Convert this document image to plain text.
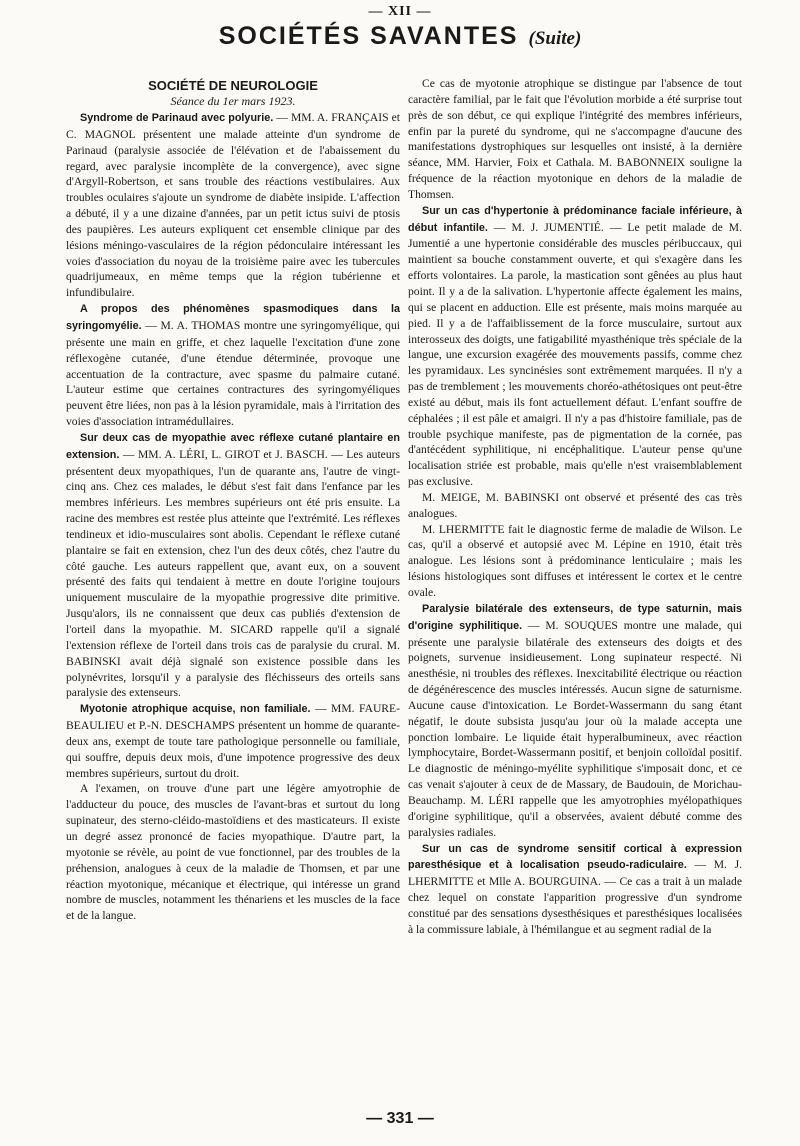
— XII —
SOCIÉTÉS SAVANTES (Suite)
SOCIÉTÉ DE NEUROLOGIE
Séance du 1er mars 1923.

Syndrome de Parinaud avec polyurie. — MM. A. FRANÇAIS et C. MAGNOL présentent une malade atteinte d'un syndrome de Parinaud (paralysie associée de l'élévation et de l'abaissement du regard, avec paralysie incomplète de la convergence), avec signe d'Argyll-Robertson, et sans trouble des réactions vestibulaires. Aux troubles oculaires s'ajoute un syndrome de diabète insipide. L'affection a débuté, il y a une dizaine d'années, par un petit ictus suivi de ptosis des paupières. Les auteurs expliquent cet ensemble clinique par des lésions méningo-vasculaires de la région pédonculaire intéressant les voies d'association du noyau de la troisième paire avec les tubercules quadrijumeaux, en même temps que la région tubérienne et infundibulaire.

A propos des phénomènes spasmodiques dans la syringomyélie. — M. A. THOMAS montre une syringomyélique, qui présente une main en griffe, et chez laquelle l'excitation d'une zone réflexogène cutanée, d'une étendue déterminée, provoque une accentuation de la contracture, avec spasme du palmaire cutané. L'auteur estime que certaines contractures des syringomyéliques peuvent être liées, non pas à la lésion pyramidale, mais à l'irritation des voies d'association intramédullaires.

Sur deux cas de myopathie avec réflexe cutané plantaire en extension. — MM. A. LÉRI, L. GIROT et J. BASCH. — Les auteurs présentent deux myopathiques, l'un de quarante ans, l'autre de vingt-cinq ans. Chez ces malades, le début s'est fait dans l'enfance par les membres inférieurs. Les membres supérieurs ont été pris ensuite. La racine des membres est restée plus atteinte que l'extrémité. Les réflexes tendineux et idio-musculaires sont abolis. Cependant le réflexe cutané plantaire se fait en extension, chez l'un des deux côtés, chez l'autre du côté gauche. Les auteurs rappellent que, avant eux, on a souvent présenté des faits qui tendaient à mettre en doute l'origine toujours uniquement musculaire de la myopathie progressive dite primitive. Jusqu'alors, ils ne connaissent que deux cas publiés d'extension de l'orteil dans la myopathie. M. SICARD rappelle qu'il a signalé l'extension réflexe de l'orteil dans trois cas de paralysie du crural. M. BABINSKI avait déjà signalé son existence possible dans les polynévrites, lorsqu'il y a paralysie des fléchisseurs des orteils sans paralysie des extenseurs.

Myotonie atrophique acquise, non familiale. — MM. FAURE-BEAULIEU et P.-N. DESCHAMPS présentent un homme de quarante-deux ans, exempt de toute tare pathologique personnelle ou familiale, qui souffre, depuis deux mois, d'une impotence progressive des deux membres supérieurs, surtout du droit.

A l'examen, on trouve d'une part une légère amyotrophie de l'adducteur du pouce, des muscles de l'avant-bras et surtout du long supinateur, des sterno-cléido-mastoïdiens et des masticateurs. Il existe un degré assez prononcé de facies myopathique. D'autre part, la myotonie se révèle, au point de vue fonctionnel, par des troubles de la préhension, analogues à ceux de la maladie de Thomsen, et par une réaction myotonique, mécanique et électrique, qui intéresse un grand nombre de muscles, notamment les thénariens et les muscles de la face et de la langue.

Ce cas de myotonie atrophique se distingue par l'absence de tout caractère familial, par le fait que l'évolution morbide a été surprise tout près de son début, ce qui explique l'intégrité des membres inférieurs, enfin par la pureté du syndrome, qui ne s'accompagne d'aucune des manifestations dystrophiques sur lesquelles ont insisté, à la dernière séance, MM. Harvier, Foix et Cathala. M. BABONNEIX souligne la fréquence de la réaction myotonique en dehors de la maladie de Thomsen.

Sur un cas d'hypertonie à prédominance faciale inférieure, à début infantile. — M. J. JUMENTIÉ. — Le petit malade de M. Jumentié a une hypertonie considérable des muscles péribuccaux, qui maintient sa bouche constamment ouverte, et qui s'exagère dans les efforts volontaires. La parole, la mastication sont gênées au plus haut point. Il y a de la salivation. L'hypertonie affecte également les mains, qui se placent en adduction. Elle est présente, mais moins marquée au pied. Il y a de l'affaiblissement de la force musculaire, surtout aux interosseux des doigts, une fatigabilité myasthénique très spéciale de la langue, une excursion exagérée des mouvements passifs, comme chez les pyramidaux. Les syncinésies sont extrêmement marquées. Il n'y a pas de tremblement ; les mouvements choréo-athétosiques ont peut-être existé au début, mais ils font actuellement défaut. L'enfant souffre de céphalées ; il est pâle et amaigri. Il n'y a pas d'histoire familiale, pas de trouble psychique manifeste, pas de pigmentation de la cornée, pas d'antécédent syphilitique, ni encéphalitique. L'auteur pense qu'une localisation striée est probable, mais qu'elle n'est vraisemblablement pas exclusive.

M. MEIGE, M. BABINSKI ont observé et présenté des cas très analogues.

M. LHERMITTE fait le diagnostic ferme de maladie de Wilson. Le cas, qu'il a observé et autopsié avec M. Lépine en 1910, était très analogue. Les lésions sont à prédominance lenticulaire ; mais les lésions histologiques sont diffuses et intéressent le cortex et le centre ovale.

Paralysie bilatérale des extenseurs, de type saturnin, mais d'origine syphilitique. — M. SOUQUES montre une malade, qui présente une paralysie bilatérale des extenseurs des doigts et des poignets, survenue insidieusement. Long supinateur respecté. Ni anesthésie, ni troubles des réflexes. Inexcitabilité électrique ou réaction de dégénérescence des muscles intéressés. Aucun signe de saturnisme. Aucune cause d'intoxication. Le Bordet-Wassermann du sang étant négatif, le doute subsista jusqu'au jour où la malade accepta une ponction lombaire. Le liquide était hyperalbumineux, avec réaction lymphocytaire, Bordet-Wassermann positif, et benjoin colloïdal positif. Le diagnostic de méningo-myélite syphilitique s'imposait donc, et ce cas venait s'ajouter à ceux de de Massary, de Baudouin, de Morichau-Beauchamp. M. LÉRI rappelle que les amyotrophies myélopathiques d'origine syphilitique, qu'il a observées, avaient débuté comme des paralysies radiales.

Sur un cas de syndrome sensitif cortical à expression paresthésique et à localisation pseudo-radiculaire. — M. J. LHERMITTE et Mlle A. BOURGUINA. — Ce cas a trait à un malade chez lequel on constate l'apparition progressive d'un syndrome constitué par des sensations dysesthésiques et paresthésiques localisées à la commissure labiale, à l'hémilangue et au segment radial de la

— 331 —
